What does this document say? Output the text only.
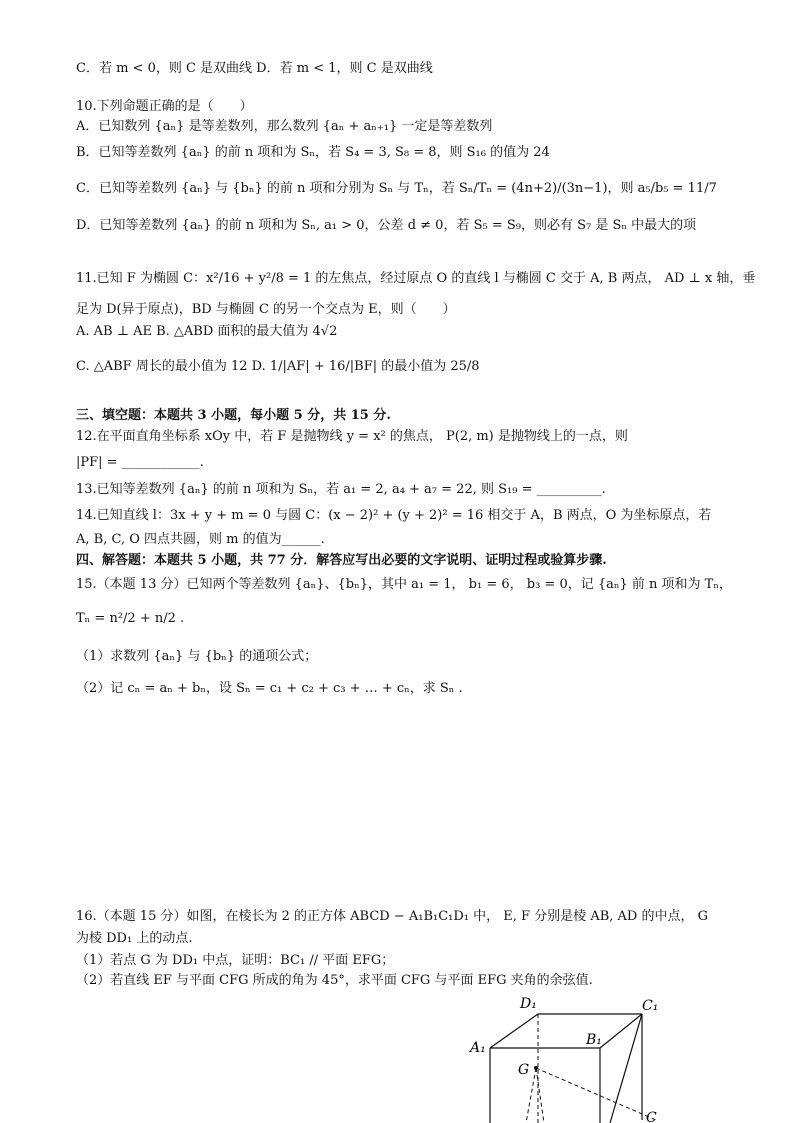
C．若 m < 0，则 C 是双曲线 D．若 m < 1，则 C 是双曲线
10.下列命题正确的是（　　）
A．已知数列 {aₙ} 是等差数列，那么数列 {aₙ + aₙ₊₁} 一定是等差数列
B．已知等差数列 {aₙ} 的前 n 项和为 Sₙ，若 S₄ = 3, S₈ = 8，则 S₁₆ 的值为 24
C．已知等差数列 {aₙ} 与 {bₙ} 的前 n 项和分别为 Sₙ 与 Tₙ，若 Sₙ/Tₙ = (4n+2)/(3n−1)，则 a₅/b₅ = 11/7
D．已知等差数列 {aₙ} 的前 n 项和为 Sₙ, a₁ > 0，公差 d ≠ 0，若 S₅ = S₉，则必有 S₇ 是 Sₙ 中最大的项
11.已知 F 为椭圆 C：x²/16 + y²/8 = 1 的左焦点，经过原点 O 的直线 l 与椭圆 C 交于 A, B 两点， AD ⊥ x 轴，垂
足为 D(异于原点)，BD 与椭圆 C 的另一个交点为 E，则（　　）
A. AB ⊥ AE B. △ABD 面积的最大值为 4√2
C. △ABF 周长的最小值为 12 D. 1/|AF| + 16/|BF| 的最小值为 25/8
三、填空题：本题共 3 小题，每小题 5 分，共 15 分.
12.在平面直角坐标系 xOy 中，若 F 是抛物线 y = x² 的焦点， P(2, m) 是抛物线上的一点，则
|PF| = ____________.
13.已知等差数列 {aₙ} 的前 n 项和为 Sₙ，若 a₁ = 2, a₄ + a₇ = 22, 则 S₁₉ = __________.
14.已知直线 l：3x + y + m = 0 与圆 C：(x − 2)² + (y + 2)² = 16 相交于 A，B 两点，O 为坐标原点，若
A, B, C, O 四点共圆，则 m 的值为______.
四、解答题：本题共 5 小题，共 77 分．解答应写出必要的文字说明、证明过程或验算步骤.
15.（本题 13 分）已知两个等差数列 {aₙ}、{bₙ}，其中 a₁ = 1， b₁ = 6， b₃ = 0，记 {aₙ} 前 n 项和为 Tₙ，
Tₙ = n²/2 + n/2 .
（1）求数列 {aₙ} 与 {bₙ} 的通项公式；
（2）记 cₙ = aₙ + bₙ，设 Sₙ = c₁ + c₂ + c₃ + … + cₙ，求 Sₙ .
16.（本题 15 分）如图，在棱长为 2 的正方体 ABCD − A₁B₁C₁D₁ 中， E, F 分别是棱 AB, AD 的中点， G
为棱 DD₁ 上的动点.
（1）若点 G 为 DD₁ 中点，证明：BC₁ // 平面 EFG；
（2）若直线 EF 与平面 CFG 所成的角为 45°，求平面 CFG 与平面 EFG 夹角的余弦值.
D₁	C₁
A₁	B₁
G
C
